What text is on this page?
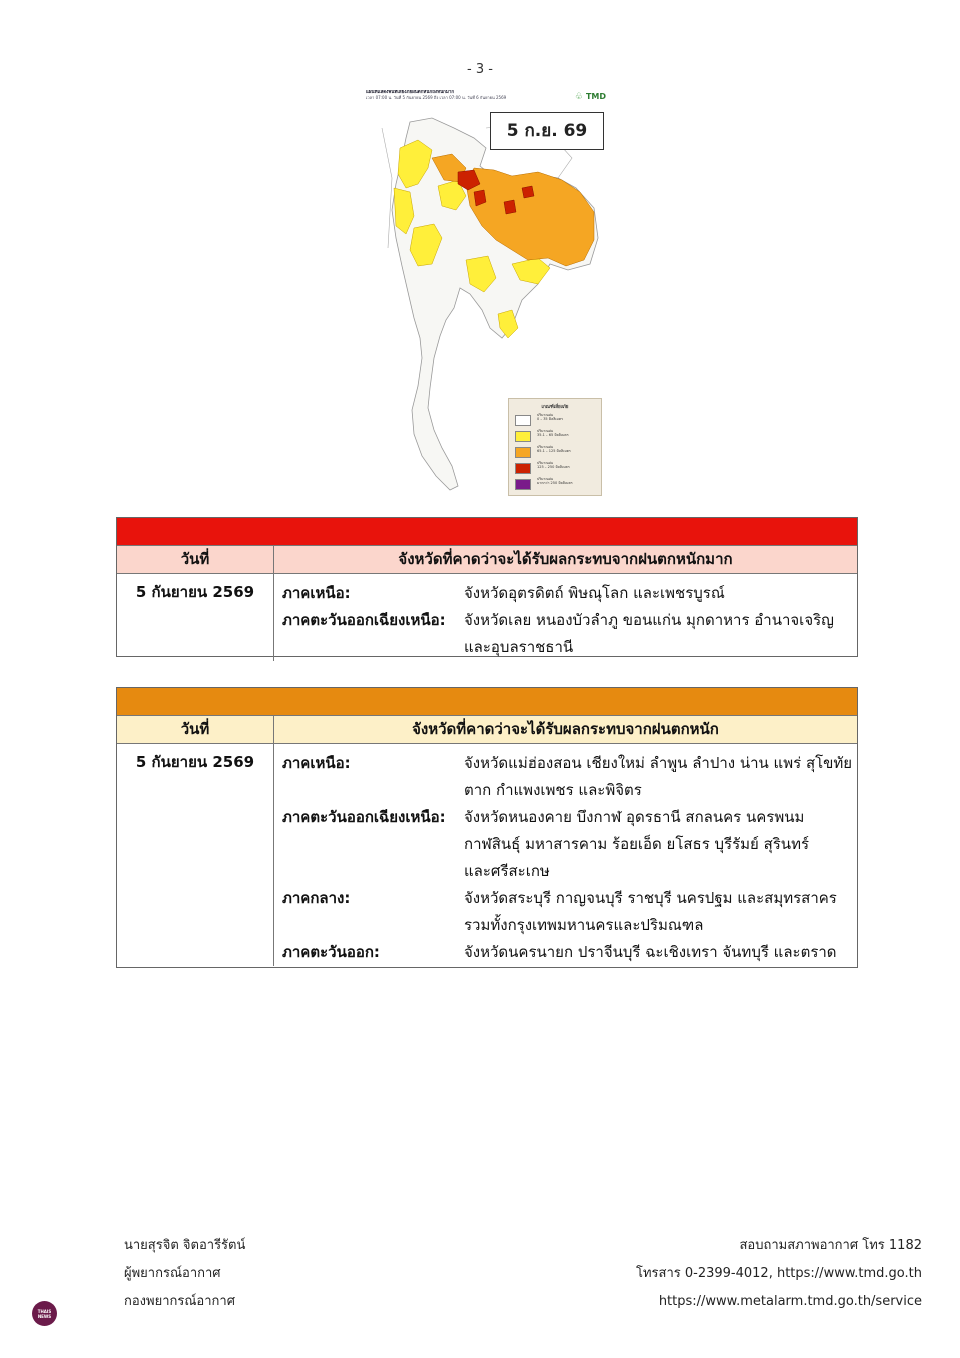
- 3 -
แผนที่แสดงพื้นที่เสี่ยงภัยฝนตกหนักถึงหนักมาก
เวลา 07:00 น. วันที่ 5 กันยายน 2569 ถึง เวลา 07:00 น. วันที่ 6 กันยายน 2569	♧ TMD
5 ก.ย. 69
เกณฑ์เสี่ยงภัย
ปริมาณฝน
0 – 35 มิลลิเมตร
ปริมาณฝน
35.1 – 65 มิลลิเมตร
ปริมาณฝน
65.1 – 125 มิลลิเมตร
ปริมาณฝน
125 – 250 มิลลิเมตร
ปริมาณฝน
มากกว่า 250 มิลลิเมตร
วันที่	จังหวัดที่คาดว่าจะได้รับผลกระทบจากฝนตกหนักมาก
5 กันยายน 2569	ภาคเหนือ:	จังหวัดอุตรดิตถ์ พิษณุโลก และเพชรบูรณ์
ภาคตะวันออกเฉียงเหนือ:	จังหวัดเลย หนองบัวลำภู ขอนแก่น มุกดาหาร อำนาจเจริญ
และอุบลราชธานี
วันที่	จังหวัดที่คาดว่าจะได้รับผลกระทบจากฝนตกหนัก
5 กันยายน 2569	ภาคเหนือ:	จังหวัดแม่ฮ่องสอน เชียงใหม่ ลำพูน ลำปาง น่าน แพร่ สุโขทัย
ตาก กำแพงเพชร และพิจิตร
ภาคตะวันออกเฉียงเหนือ:	จังหวัดหนองคาย บึงกาฬ อุดรธานี สกลนคร นครพนม
กาฬสินธุ์ มหาสารคาม ร้อยเอ็ด ยโสธร บุรีรัมย์ สุรินทร์
และศรีสะเกษ
ภาคกลาง:	จังหวัดสระบุรี กาญจนบุรี ราชบุรี นครปฐม และสมุทรสาคร
รวมทั้งกรุงเทพมหานครและปริมณฑล
ภาคตะวันออก:	จังหวัดนครนายก ปราจีนบุรี ฉะเชิงเทรา จันทบุรี และตราด
นายสุรจิต จิตอารีรัตน์
ผู้พยากรณ์อากาศ
กองพยากรณ์อากาศ
สอบถามสภาพอากาศ โทร 1182
โทรสาร 0-2399-4012, https://www.tmd.go.th
https://www.metalarm.tmd.go.th/service
THAIS NEWS
